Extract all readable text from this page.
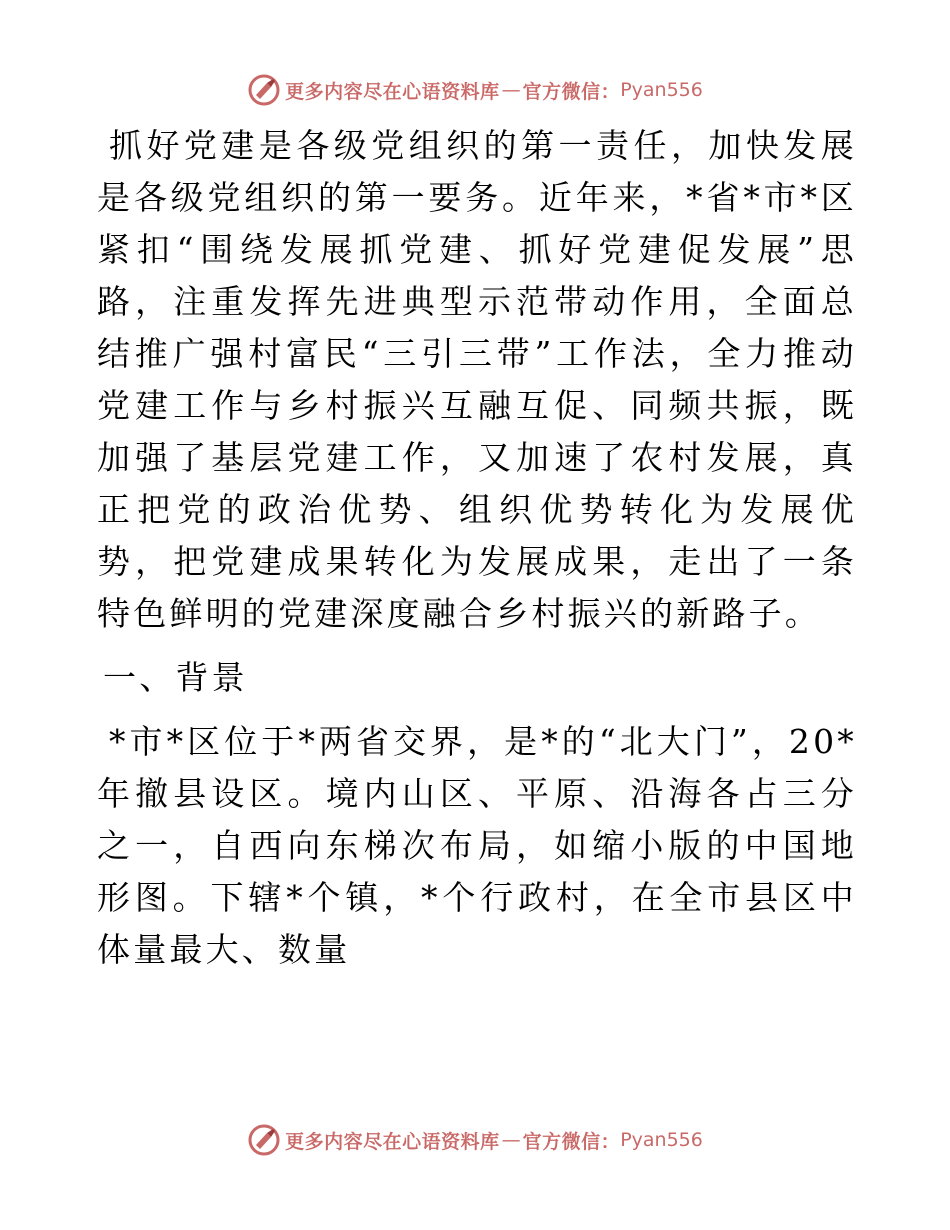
更多内容尽在心语资料库 — 官方微信： Pyan556

抓好党建是各级党组织的第一责任，加快发展是各级党组织的第一要务。近年来，*省*市*区紧扣“围绕发展抓党建、抓好党建促发展”思路，注重发挥先进典型示范带动作用，全面总结推广强村富民“三引三带”工作法，全力推动党建工作与乡村振兴互融互促、同频共振，既加强了基层党建工作，又加速了农村发展，真正把党的政治优势、组织优势转化为发展优势，把党建成果转化为发展成果，走出了一条特色鲜明的党建深度融合乡村振兴的新路子。

一、背景

*市*区位于*两省交界，是*的“北大门”，20*年撤县设区。境内山区、平原、沿海各占三分之一，自西向东梯次布局，如缩小版的中国地形图。下辖*个镇，*个行政村，在全市县区中体量最大、数量

更多内容尽在心语资料库 — 官方微信： Pyan556
